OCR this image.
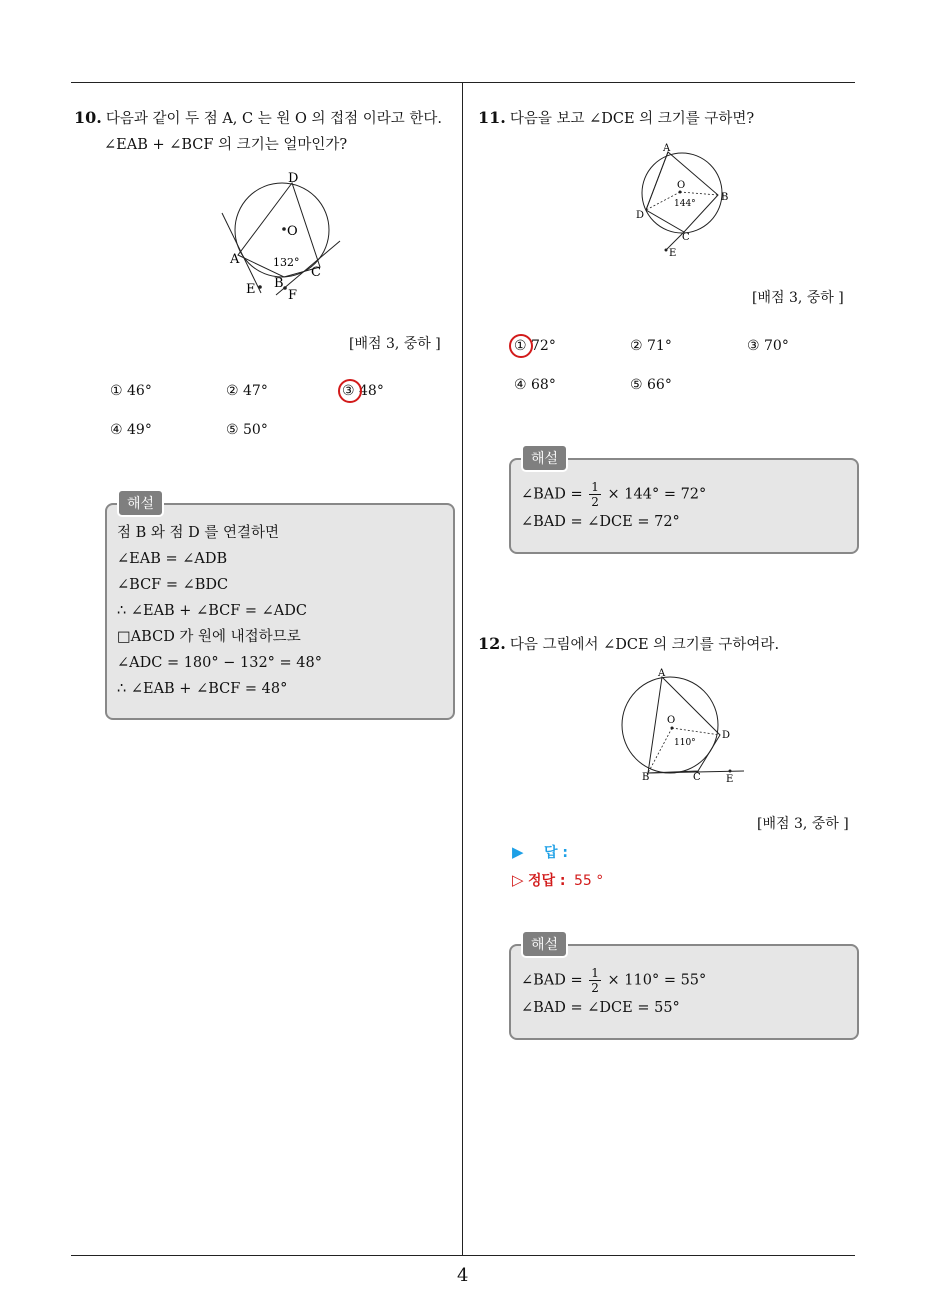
10. 다음과 같이 두 점 A, C 는 원 O 의 접점 이라고 한다.
∠EAB + ∠BCF 의 크기는 얼마인가?
D
O
A
B
C
E	F
132°
[배점 3, 중하 ]
① 46°	② 47°	③ 48°
④ 49°	⑤ 50°
해설
점 B 와 점 D 를 연결하면
∠EAB = ∠ADB
∠BCF = ∠BDC
∴ ∠EAB + ∠BCF = ∠ADC
□ABCD 가 원에 내접하므로
∠ADC = 180° − 132° = 48°
∴ ∠EAB + ∠BCF = 48°
11. 다음을 보고 ∠DCE 의 크기를 구하면?
A
O
B
D
C
E
144°
[배점 3, 중하 ]
① 72°	② 71°	③ 70°
④ 68°	⑤ 66°
해설
∠BAD = $\frac{1}{2} \times 144^\circ = 72^\circ$
∠BAD = ∠DCE = 72°
12. 다음 그림에서 ∠DCE 의 크기를 구하여라.
A
O
D
B	C	E
110°
[배점 3, 중하 ]
▶ 답 :
▷ 정답 : 55 °
해설
∠BAD = $\frac{1}{2} \times 110^\circ = 55^\circ$
∠BAD = ∠DCE = 55°
4
